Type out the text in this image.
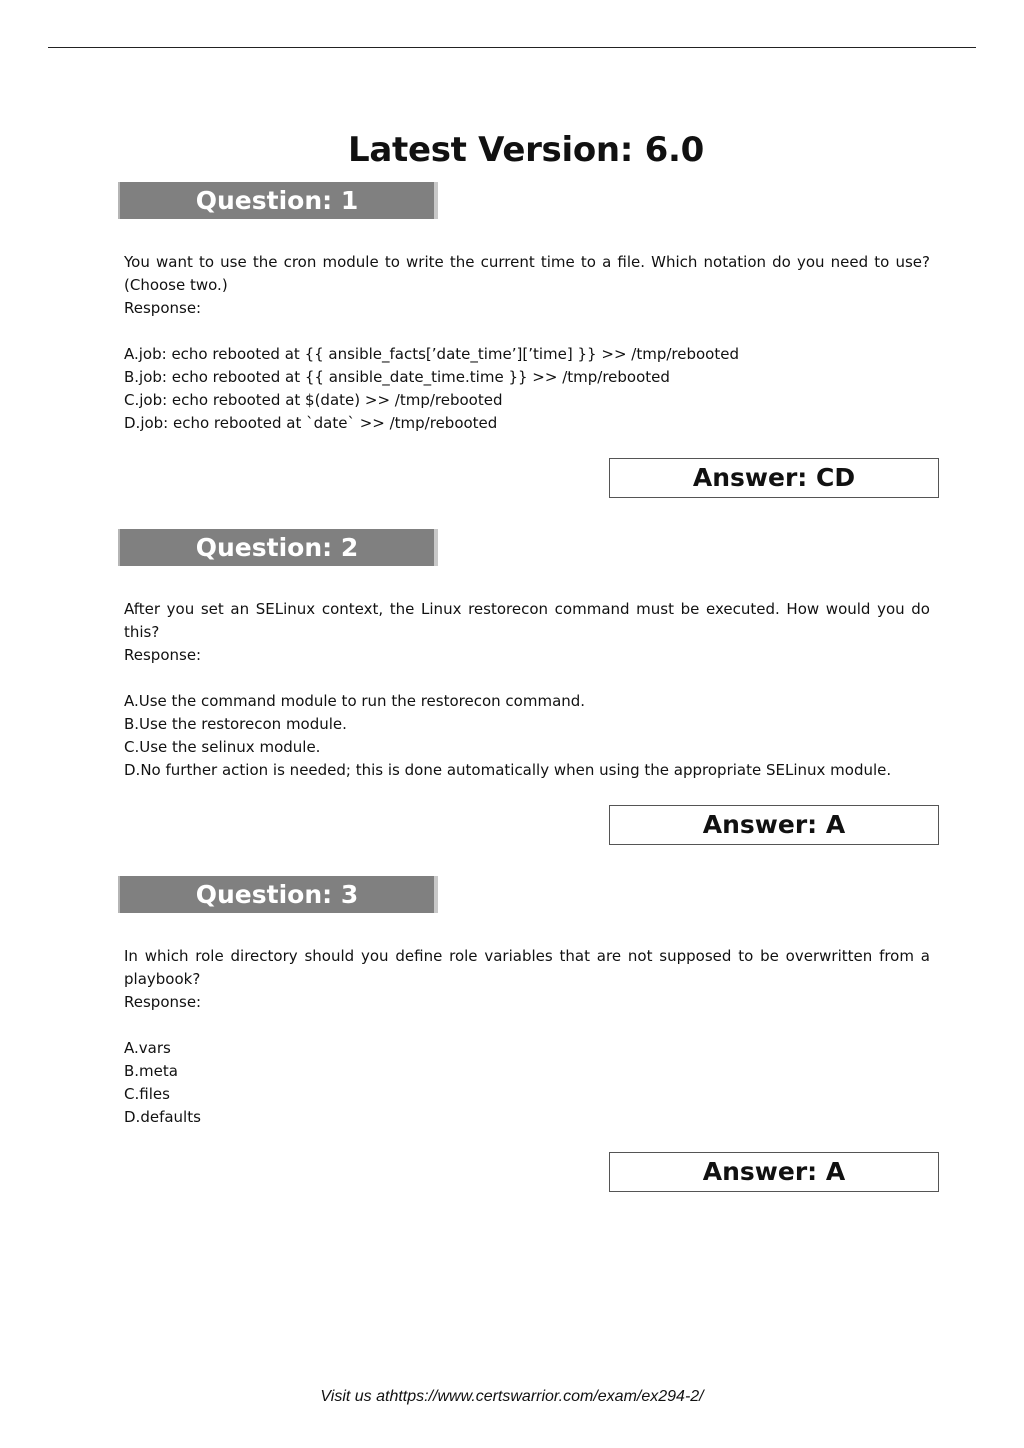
Latest Version: 6.0
Question: 1

You want to use the cron module to write the current time to a file. Which notation do you need to use? (Choose two.)

Response:

A.job: echo rebooted at {{ ansible_facts[’date_time’][’time] }} >> /tmp/rebooted

B.job: echo rebooted at {{ ansible_date_time.time }} >> /tmp/rebooted

C.job: echo rebooted at $(date) >> /tmp/rebooted

D.job: echo rebooted at `date` >> /tmp/rebooted

Answer: CD
Question: 2

After you set an SELinux context, the Linux restorecon command must be executed. How would you do this?

Response:

A.Use the command module to run the restorecon command.

B.Use the restorecon module.

C.Use the selinux module.

D.No further action is needed; this is done automatically when using the appropriate SELinux module.

Answer: A
Question: 3

In which role directory should you define role variables that are not supposed to be overwritten from a playbook?

Response:

A.vars

B.meta

C.files

D.defaults

Answer: A
Visit us athttps://www.certswarrior.com/exam/ex294-2/
